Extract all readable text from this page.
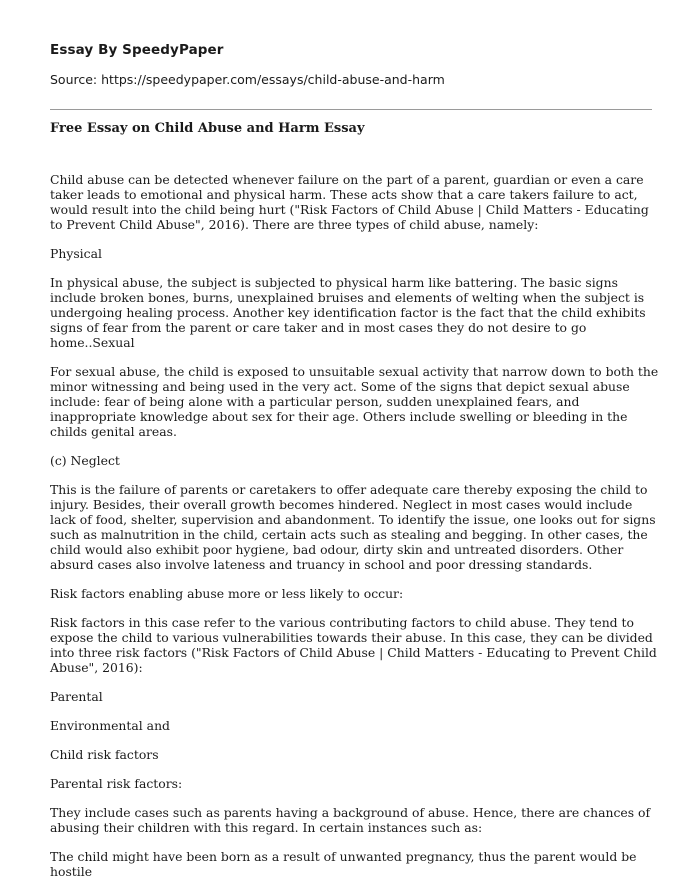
Essay By SpeedyPaper
Source: https://speedypaper.com/essays/child-abuse-and-harm
Free Essay on Child Abuse and Harm Essay

Child abuse can be detected whenever failure on the part of a parent, guardian or even a care taker leads to emotional and physical harm. These acts show that a care takers failure to act, would result into the child being hurt ("Risk Factors of Child Abuse | Child Matters - Educating to Prevent Child Abuse", 2016). There are three types of child abuse, namely:

Physical

In physical abuse, the subject is subjected to physical harm like battering. The basic signs include broken bones, burns, unexplained bruises and elements of welting when the subject is undergoing healing process. Another key identification factor is the fact that the child exhibits signs of fear from the parent or care taker and in most cases they do not desire to go home..Sexual

For sexual abuse, the child is exposed to unsuitable sexual activity that narrow down to both the minor witnessing and being used in the very act. Some of the signs that depict sexual abuse include: fear of being alone with a particular person, sudden unexplained fears, and inappropriate knowledge about sex for their age. Others include swelling or bleeding in the childs genital areas.

(c) Neglect

This is the failure of parents or caretakers to offer adequate care thereby exposing the child to injury. Besides, their overall growth becomes hindered. Neglect in most cases would include lack of food, shelter, supervision and abandonment. To identify the issue, one looks out for signs such as malnutrition in the child, certain acts such as stealing and begging. In other cases, the child would also exhibit poor hygiene, bad odour, dirty skin and untreated disorders. Other absurd cases also involve lateness and truancy in school and poor dressing standards.

Risk factors enabling abuse more or less likely to occur:

Risk factors in this case refer to the various contributing factors to child abuse. They tend to expose the child to various vulnerabilities towards their abuse. In this case, they can be divided into three risk factors ("Risk Factors of Child Abuse | Child Matters - Educating to Prevent Child Abuse", 2016):

Parental

Environmental and

Child risk factors

Parental risk factors:

They include cases such as parents having a background of abuse. Hence, there are chances of abusing their children with this regard. In certain instances such as:

The child might have been born as a result of unwanted pregnancy, thus the parent would be hostile
